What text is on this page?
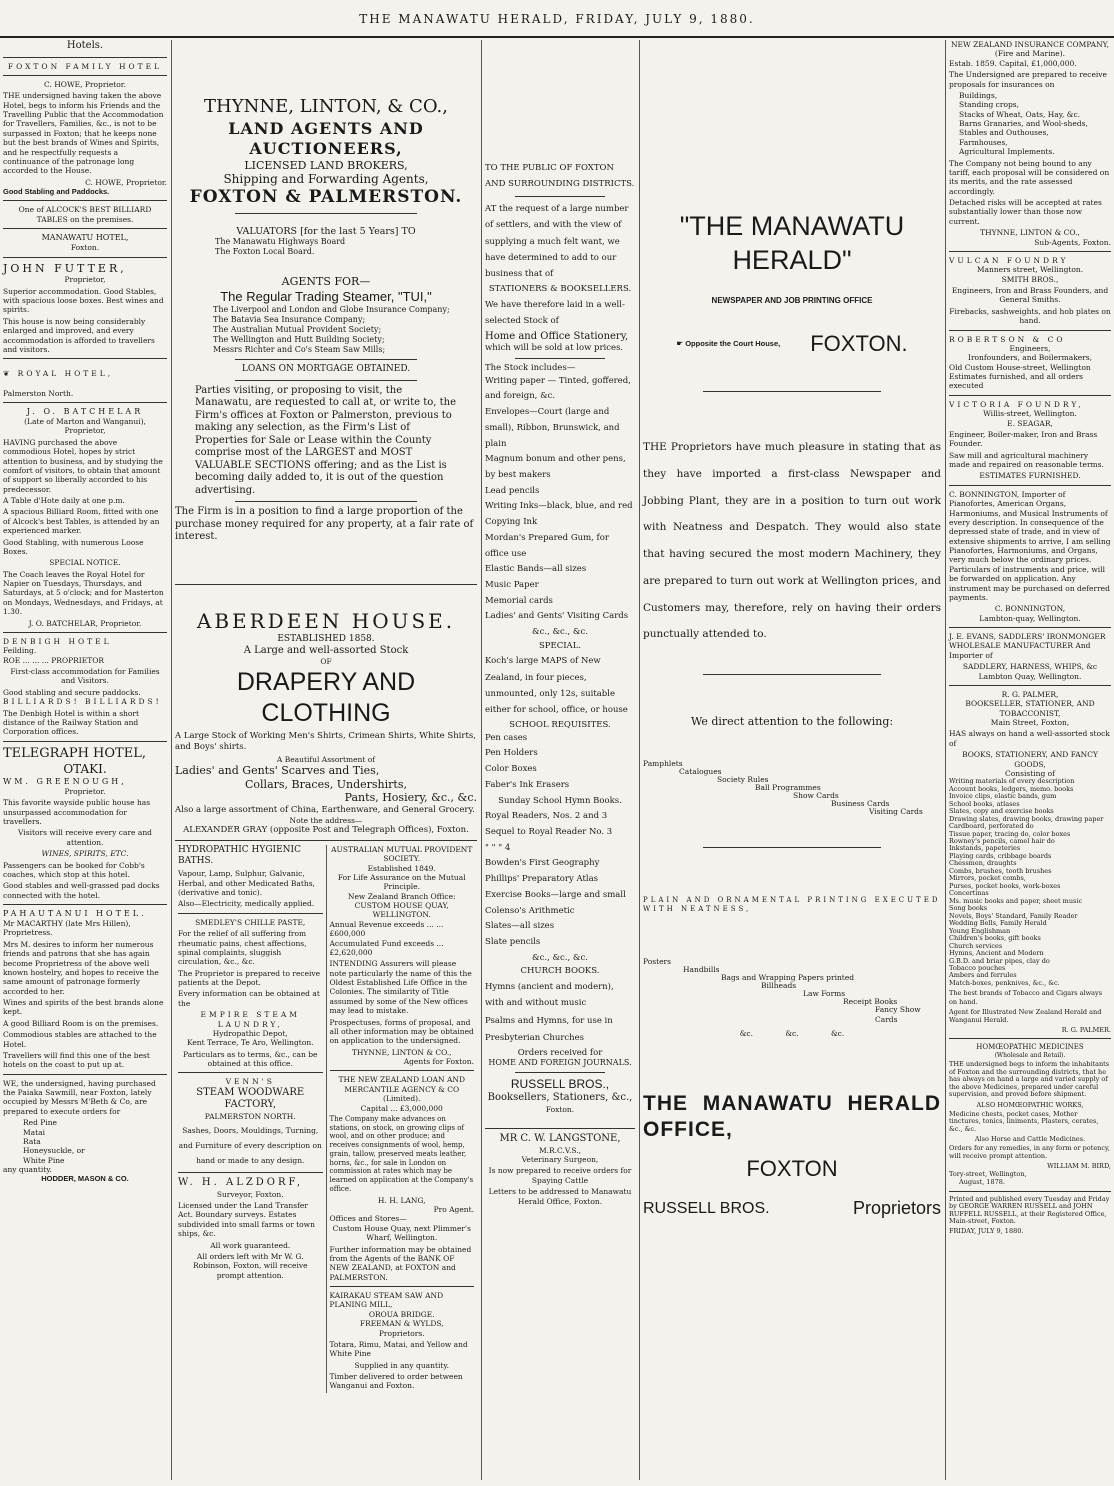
THE MANAWATU HERALD, FRIDAY, JULY 9, 1880.
Hotels.
FOXTON FAMILY HOTEL
C. HOWE, Proprietor.

THE undersigned having taken the above Hotel, begs to inform his Friends and the Travelling Public that the Accommodation for Travellers, Families, &c., is not to be surpassed in Foxton; that he keeps none but the best brands of Wines and Spirits, and he respectfully requests a continuance of the patronage long accorded to the House.

C. HOWE, Proprietor.
Good Stabling and Paddocks.

One of ALCOCK'S BEST BILLIARD TABLES on the premises.

MANAWATU HOTEL,
Foxton.
JOHN FUTTER,
Proprietor,

Superior accommodation. Good Stables, with spacious loose boxes. Best wines and spirits.

This house is now being considerably enlarged and improved, and every accommodation is afforded to travellers and visitors.

❦ ROYAL HOTEL,
Palmerston North.
J. O. BATCHELAR
(Late of Marton and Wanganui),
Proprietor,

HAVING purchased the above commodious Hotel, hopes by strict attention to business, and by studying the comfort of visitors, to obtain that amount of support so liberally accorded to his predecessor.

A Table d'Hote daily at one p.m.

A spacious Billiard Room, fitted with one of Alcock's best Tables, is attended by an experienced marker.

Good Stabling, with numerous Loose Boxes.

SPECIAL NOTICE.

The Coach leaves the Royal Hotel for Napier on Tuesdays, Thursdays, and Saturdays, at 5 o'clock; and for Masterton on Mondays, Wednesdays, and Fridays, at 1.30.

J. O. BATCHELAR, Proprietor.
DENBIGH HOTEL
Feilding.
ROE ... ... ... PROPRIETOR

First-class accommodation for Families and Visitors.

Good stabling and secure paddocks.
BILLIARDS! BILLIARDS!

The Denbigh Hotel is within a short distance of the Railway Station and Corporation offices.

TELEGRAPH HOTEL,
OTAKI.
WM. GREENOUGH,
Proprietor.

This favorite wayside public house has unsurpassed accommodation for travellers.

Visitors will receive every care and attention.

WINES, SPIRITS, ETC.

Passengers can be booked for Cobb's coaches, which stop at this hotel.

Good stables and well-grassed pad docks connected with the hotel.

PAHAUTANUI HOTEL.
Mr MACARTHY (late Mrs Hillen), Proprietress.

Mrs M. desires to inform her numerous friends and patrons that she has again become Proprietress of the above well known hostelry, and hopes to receive the same amount of patronage formerly accorded to her.

Wines and spirits of the best brands alone kept.

A good Billiard Room is on the premises.

Commodious stables are attached to the Hotel.

Travellers will find this one of the best hotels on the coast to put up at.

WE, the undersigned, having purchased the Paiaka Sawmill, near Foxton, lately occupied by Messrs M'Beth & Co, are prepared to execute orders for

Red Pine
Matai
Rata
Honeysuckle, or
White Pine
any quantity.
HODDER, MASON & CO.
THYNNE, LINTON, & CO.,
LAND AGENTS AND AUCTIONEERS,
LICENSED LAND BROKERS,
Shipping and Forwarding Agents,
FOXTON & PALMERSTON.
VALUATORS [for the last 5 Years] TO
The Manawatu Highways Board
The Foxton Local Board.
AGENTS FOR—
The Regular Trading Steamer, "TUI,"
The Liverpool and London and Globe Insurance Company;
The Batavia Sea Insurance Company;
The Australian Mutual Provident Society;
The Wellington and Hutt Building Society;
Messrs Richter and Co's Steam Saw Mills;
LOANS ON MORTGAGE OBTAINED.

Parties visiting, or proposing to visit, the Manawatu, are requested to call at, or write to, the Firm's offices at Foxton or Palmerston, previous to making any selection, as the Firm's List of Properties for Sale or Lease within the County comprise most of the LARGEST and MOST VALUABLE SECTIONS offering; and as the List is becoming daily added to, it is out of the question advertising.

The Firm is in a position to find a large proportion of the purchase money required for any property, at a fair rate of interest.

ABERDEEN HOUSE.
ESTABLISHED 1858.
A Large and well-assorted Stock
OF
DRAPERY AND CLOTHING

A Large Stock of Working Men's Shirts, Crimean Shirts, White Shirts, and Boys' shirts.

A Beautiful Assortment of
Ladies' and Gents' Scarves and Ties,
Collars, Braces, Undershirts,
Pants, Hosiery, &c., &c.
Also a large assortment of China, Earthenware, and General Grocery.
Note the address—
ALEXANDER GRAY (opposite Post and Telegraph Offices), Foxton.
HYDROPATHIC HYGIENIC BATHS.

Vapour, Lamp, Sulphur, Galvanic, Herbal, and other Medicated Baths, (derivative and tonic).

Also—Electricity, medically applied.
SMEDLEY'S CHILLE PASTE,

For the relief of all suffering from rheumatic pains, chest affections, spinal complaints, sluggish circulation, &c., &c.

The Proprietor is prepared to receive patients at the Depot.

Every information can be obtained at the

EMPIRE STEAM LAUNDRY,
Hydropathic Depot,
Kent Terrace, Te Aro, Wellington.

Particulars as to terms, &c., can be obtained at this office.

VENN'S
STEAM WOODWARE FACTORY,
PALMERSTON NORTH.

Sashes, Doors, Mouldings, Turning, and Furniture of every description on hand or made to any design.

W. H. ALZDORF,
Surveyor, Foxton.

Licensed under the Land Transfer Act. Boundary surveys. Estates subdivided into small farms or town ships, &c.

All work guaranteed.

All orders left with Mr W. G. Robinson, Foxton, will receive prompt attention.

AUSTRALIAN MUTUAL PROVIDENT SOCIETY.
Established 1849.
For Life Assurance on the Mutual Principle.
New Zealand Branch Office:
CUSTOM HOUSE QUAY, WELLINGTON.
Annual Revenue exceeds ... ... £600,000
Accumulated Fund exceeds ... £2,620,000

INTENDING Assurers will please note particularly the name of this the Oldest Established Life Office in the Colonies. The similarity of Title assumed by some of the New offices may lead to mistake.

Prospectuses, forms of proposal, and all other information may be obtained on application to the undersigned.

THYNNE, LINTON & CO.,
Agents for Foxton.
THE NEW ZEALAND LOAN AND MERCANTILE AGENCY & CO (Limited).
Capital ... £3,000,000

The Company make advances on stations, on stock, on growing clips of wool, and on other produce; and receives consignments of wool, hemp, grain, tallow, preserved meats leather, horns, &c., for sale in London on commission at rates which may be learned on application at the Company's office.

H. H. LANG,
Pro Agent.
Offices and Stores—
Custom House Quay, next Plimmer's Wharf, Wellington.

Further information may be obtained from the Agents of the BANK OF NEW ZEALAND, at FOXTON and PALMERSTON.

KAIRAKAU STEAM SAW AND PLANING MILL,
OROUA BRIDGE.
FREEMAN & WYLDS,
Proprietors.

Totara, Rimu, Matai, and Yellow and White Pine

Supplied in any quantity.

Timber delivered to order between Wanganui and Foxton.

TO THE PUBLIC OF FOXTON AND SURROUNDING DISTRICTS.

AT the request of a large number of settlers, and with the view of supplying a much felt want, we have determined to add to our business that of

STATIONERS & BOOKSELLERS.

We have therefore laid in a well-selected Stock of

Home and Office Stationery,
which will be sold at low prices.
The Stock includes—
Writing paper — Tinted, goffered, and foreign, &c.
Envelopes—Court (large and small), Ribbon, Brunswick, and plain
Magnum bonum and other pens, by best makers
Lead pencils
Writing Inks—black, blue, and red
Copying Ink
Mordan's Prepared Gum, for office use
Elastic Bands—all sizes
Music Paper
Memorial cards
Ladies' and Gents' Visiting Cards
&c., &c., &c.
SPECIAL.

Koch's large MAPS of New Zealand, in four pieces, unmounted, only 12s, suitable either for school, office, or house

SCHOOL REQUISITES.
Pen cases
Pen Holders
Color Boxes
Faber's Ink Erasers
Sunday School Hymn Books.
Royal Readers, Nos. 2 and 3
Sequel to Royal Reader No. 3
" " " 4
Bowden's First Geography
Phillips' Preparatory Atlas
Exercise Books—large and small
Colenso's Arithmetic
Slates—all sizes
Slate pencils
&c., &c., &c.
CHURCH BOOKS.

Hymns (ancient and modern), with and without music

Psalms and Hymns, for use in Presbyterian Churches

Orders received for
HOME AND FOREIGN JOURNALS.
RUSSELL BROS.,
Booksellers, Stationers, &c.,
Foxton.
MR C. W. LANGSTONE,
M.R.C.V.S.,
Veterinary Surgeon,

Is now prepared to receive orders for Spaying Cattle

Letters to be addressed to Manawatu Herald Office, Foxton.

"THE MANAWATU HERALD"
NEWSPAPER AND JOB PRINTING OFFICE
☛ Opposite the Court House, FOXTON.

THE Proprietors have much pleasure in stating that as they have imported a first-class Newspaper and Jobbing Plant, they are in a position to turn out work with Neatness and Despatch. They would also state that having secured the most modern Machinery, they are prepared to turn out work at Wellington prices, and Customers may, therefore, rely on having their orders punctually attended to.

We direct attention to the following:
Pamphlets
Catalogues
Society Rules
Ball Programmes
Show Cards
Business Cards
Visiting Cards
PLAIN AND ORNAMENTAL PRINTING EXECUTED WITH NEATNESS,
Posters
Handbills
Bags and Wrapping Papers printed
Billheads
Law Forms
Receipt Books
Fancy Show Cards
&c. &c. &c.
THE MANAWATU HERALD OFFICE,
FOXTON
RUSSELL BROS.	Proprietors
NEW ZEALAND INSURANCE COMPANY,
(Fire and Marine).
Estab. 1859. Capital, £1,000,000.

The Undersigned are prepared to receive proposals for insurances on

Buildings,
Standing crops,
Stacks of Wheat, Oats, Hay, &c.
Barns Granaries, and Wool-sheds,
Stables and Outhouses,
Farmhouses,
Agricultural Implements.

The Company not being bound to any tariff, each proposal will be considered on its merits, and the rate assessed accordingly.

Detached risks will be accepted at rates substantially lower than those now current.

THYNNE, LINTON & CO.,
Sub-Agents, Foxton.
VULCAN FOUNDRY
Manners street, Wellington.
SMITH BROS.,

Engineers, Iron and Brass Founders, and General Smiths.

Firebacks, sashweights, and hob plates on hand.

ROBERTSON & CO
Engineers,
Ironfounders, and Boilermakers,
Old Custom House-street, Wellington
Estimates furnished, and all orders executed
VICTORIA FOUNDRY,
Willis-street, Wellington.
E. SEAGAR,

Engineer, Boiler-maker, Iron and Brass Founder.

Saw mill and agricultural machinery made and repaired on reasonable terms.

ESTIMATES FURNISHED.

C. BONNINGTON, Importer of Pianofortes, American Organs, Harmoniums, and Musical Instruments of every description. In consequence of the depressed state of trade, and in view of extensive shipments to arrive, I am selling Pianofortes, Harmoniums, and Organs, very much below the ordinary prices. Particulars of instruments and price, will be forwarded on application. Any instrument may be purchased on deferred payments.

C. BONNINGTON,
Lambton-quay, Wellington.

J. E. EVANS, SADDLERS' IRONMONGER WHOLESALE MANUFACTURER And Importer of

SADDLERY, HARNESS, WHIPS, &c
Lambton Quay, Wellington.
R. G. PALMER,
BOOKSELLER, STATIONER, AND TOBACCONIST,
Main Street, Foxton,

HAS always on hand a well-assorted stock of

BOOKS, STATIONERY, AND FANCY GOODS,
Consisting of
Writing materials of every description
Account books, ledgers, memo. books
Invoice clips, elastic bands, gum
School books, atlases
Slates, copy and exercise books
Drawing slates, drawing books, drawing paper
Cardboard, perforated do
Tissue paper, tracing do, color boxes
Rowney's pencils, camel hair do
Inkstands, papeteries
Playing cards, cribbage boards
Chessmen, draughts
Combs, brushes, tooth brushes
Mirrors, pocket combs,
Purses, pocket books, work-boxes
Concertinas
Ms. music books and paper, sheet music
Song books
Novels, Boys' Standard, Family Reader
Wedding Bells, Family Herald
Young Englishman
Children's books, gift books
Church services
Hymns, Ancient and Modern
G.B.D. and briar pipes, clay do
Tobacco pouches
Ambers and ferrules
Match-boxes, penknives, &c., &c.

The best brands of Tobacco and Cigars always on hand.

Agent for Illustrated New Zealand Herald and Wanganui Herald.

R. G. PALMER.
HOMŒOPATHIC MEDICINES
(Wholesale and Retail).

THE undersigned begs to inform the inhabitants of Foxton and the surrounding districts, that he has always on hand a large and varied supply of the above Medicines, prepared under careful supervision, and proved before shipment.

ALSO HOMŒOPATHIC WORKS,

Medicine chests, pocket cases, Mother tinctures, tonics, liniments, Plasters, cerates, &c., &c.

Also Horse and Cattle Medicines.

Orders for any remedies, in any form or potency, will receive prompt attention.

WILLIAM M. BIRD,
Tory-street, Wellington,
August, 1878.

Printed and published every Tuesday and Friday by GEORGE WARREN RUSSELL and JOHN RUFFELL RUSSELL, at their Registered Office, Main-street, Foxton.

FRIDAY, JULY 9, 1880.
